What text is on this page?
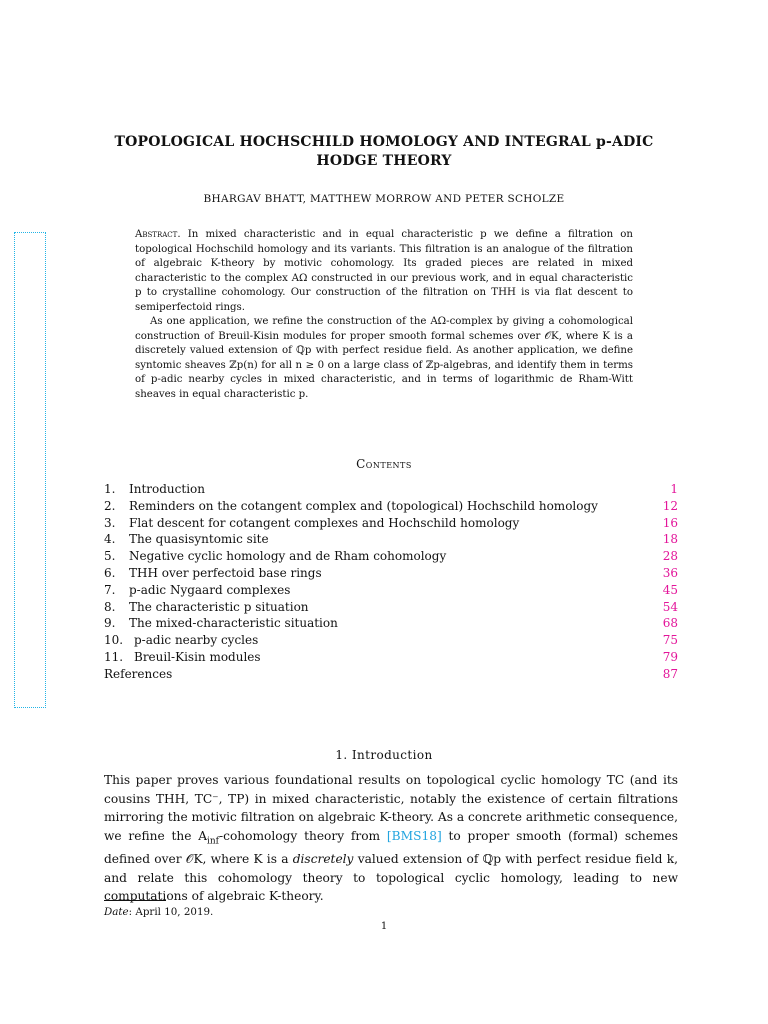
TOPOLOGICAL HOCHSCHILD HOMOLOGY AND INTEGRAL p-ADIC
HODGE THEORY
BHARGAV BHATT, MATTHEW MORROW AND PETER SCHOLZE

Abstract. In mixed characteristic and in equal characteristic p we define a filtration on topological Hochschild homology and its variants. This filtration is an analogue of the filtration of algebraic K-theory by motivic cohomology. Its graded pieces are related in mixed characteristic to the complex AΩ constructed in our previous work, and in equal characteristic p to crystalline cohomology. Our construction of the filtration on THH is via flat descent to semiperfectoid rings.

As one application, we refine the construction of the AΩ-complex by giving a cohomological construction of Breuil-Kisin modules for proper smooth formal schemes over 𝒪K, where K is a discretely valued extension of ℚp with perfect residue field. As another application, we define syntomic sheaves ℤp(n) for all n ≥ 0 on a large class of ℤp-algebras, and identify them in terms of p-adic nearby cycles in mixed characteristic, and in terms of logarithmic de Rham-Witt sheaves in equal characteristic p.

Contents
1. Introduction	1
2. Reminders on the cotangent complex and (topological) Hochschild homology	12
3. Flat descent for cotangent complexes and Hochschild homology	16
4. The quasisyntomic site	18
5. Negative cyclic homology and de Rham cohomology	28
6. THH over perfectoid base rings	36
7. p-adic Nygaard complexes	45
8. The characteristic p situation	54
9. The mixed-characteristic situation	68
10. p-adic nearby cycles	75
11. Breuil-Kisin modules	79
References	87
1. Introduction

This paper proves various foundational results on topological cyclic homology TC (and its cousins THH, TC⁻, TP) in mixed characteristic, notably the existence of certain filtrations mirroring the motivic filtration on algebraic K-theory. As a concrete arithmetic consequence, we refine the $A_{inf}$-cohomology theory from [BMS18] to proper smooth (formal) schemes defined over 𝒪K, where K is a discretely valued extension of ℚp with perfect residue field k, and relate this cohomology theory to topological cyclic homology, leading to new computations of algebraic K-theory.

Date: April 10, 2019.
1
